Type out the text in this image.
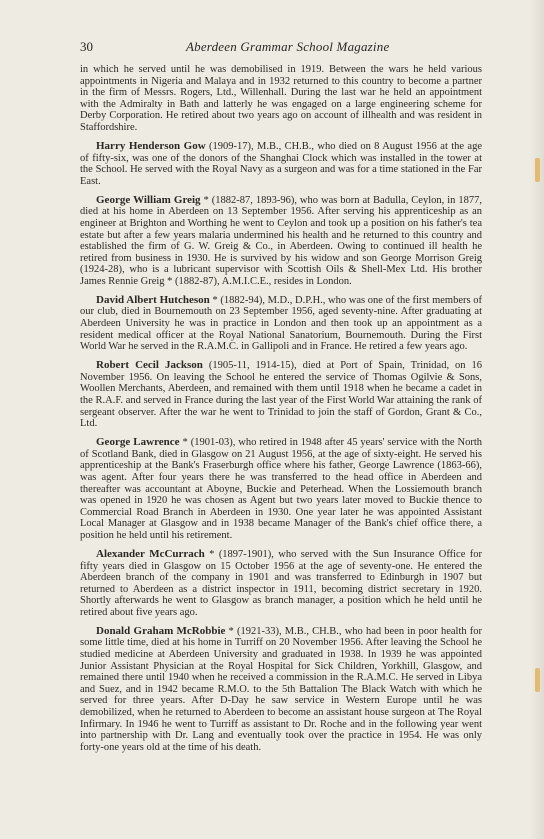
30	Aberdeen Grammar School Magazine

in which he served until he was demobilised in 1919. Between the wars he held various appointments in Nigeria and Malaya and in 1932 returned to this country to become a partner in the firm of Messrs. Rogers, Ltd., Willenhall. During the last war he held an appointment with the Admiralty in Bath and latterly he was engaged on a large engineering scheme for Derby Corporation. He retired about two years ago on account of illhealth and was resident in Staffordshire.

Harry Henderson Gow (1909-17), M.B., CH.B., who died on 8 August 1956 at the age of fifty-six, was one of the donors of the Shanghai Clock which was installed in the tower at the School. He served with the Royal Navy as a surgeon and was for a time stationed in the Far East.

George William Greig * (1882-87, 1893-96), who was born at Badulla, Ceylon, in 1877, died at his home in Aberdeen on 13 September 1956. After serving his apprenticeship as an engineer at Brighton and Worthing he went to Ceylon and took up a position on his father's tea estate but after a few years malaria undermined his health and he returned to this country and established the firm of G. W. Greig & Co., in Aberdeen. Owing to continued ill health he retired from business in 1930. He is survived by his widow and son George Morrison Greig (1924-28), who is a lubricant supervisor with Scottish Oils & Shell-Mex Ltd. His brother James Rennie Greig * (1882-87), A.M.I.C.E., resides in London.

David Albert Hutcheson * (1882-94), M.D., D.P.H., who was one of the first members of our club, died in Bournemouth on 23 September 1956, aged seventy-nine. After graduating at Aberdeen University he was in practice in London and then took up an appointment as a resident medical officer at the Royal National Sanatorium, Bournemouth. During the First World War he served in the R.A.M.C. in Gallipoli and in France. He retired a few years ago.

Robert Cecil Jackson (1905-11, 1914-15), died at Port of Spain, Trinidad, on 16 November 1956. On leaving the School he entered the service of Thomas Ogilvie & Sons, Woollen Merchants, Aberdeen, and remained with them until 1918 when he became a cadet in the R.A.F. and served in France during the last year of the First World War attaining the rank of sergeant observer. After the war he went to Trinidad to join the staff of Gordon, Grant & Co., Ltd.

George Lawrence * (1901-03), who retired in 1948 after 45 years' service with the North of Scotland Bank, died in Glasgow on 21 August 1956, at the age of sixty-eight. He served his apprenticeship at the Bank's Fraserburgh office where his father, George Lawrence (1863-66), was agent. After four years there he was transferred to the head office in Aberdeen and thereafter was accountant at Aboyne, Buckie and Peterhead. When the Lossiemouth branch was opened in 1920 he was chosen as Agent but two years later moved to Buckie thence to Commercial Road Branch in Aberdeen in 1930. One year later he was appointed Assistant Local Manager at Glasgow and in 1938 became Manager of the Bank's chief office there, a position he held until his retirement.

Alexander McCurrach * (1897-1901), who served with the Sun Insurance Office for fifty years died in Glasgow on 15 October 1956 at the age of seventy-one. He entered the Aberdeen branch of the company in 1901 and was transferred to Edinburgh in 1907 but returned to Aberdeen as a district inspector in 1911, becoming district secretary in 1920. Shortly afterwards he went to Glasgow as branch manager, a position which he held until he retired about five years ago.

Donald Graham McRobbie * (1921-33), M.B., CH.B., who had been in poor health for some little time, died at his home in Turriff on 20 November 1956. After leaving the School he studied medicine at Aberdeen University and graduated in 1938. In 1939 he was appointed Junior Assistant Physician at the Royal Hospital for Sick Children, Yorkhill, Glasgow, and remained there until 1940 when he received a commission in the R.A.M.C. He served in Libya and Suez, and in 1942 became R.M.O. to the 5th Battalion The Black Watch with which he served for three years. After D-Day he saw service in Western Europe until he was demobilized, when he returned to Aberdeen to become an assistant house surgeon at The Royal Infirmary. In 1946 he went to Turriff as assistant to Dr. Roche and in the following year went into partnership with Dr. Lang and eventually took over the practice in 1954. He was only forty-one years old at the time of his death.
